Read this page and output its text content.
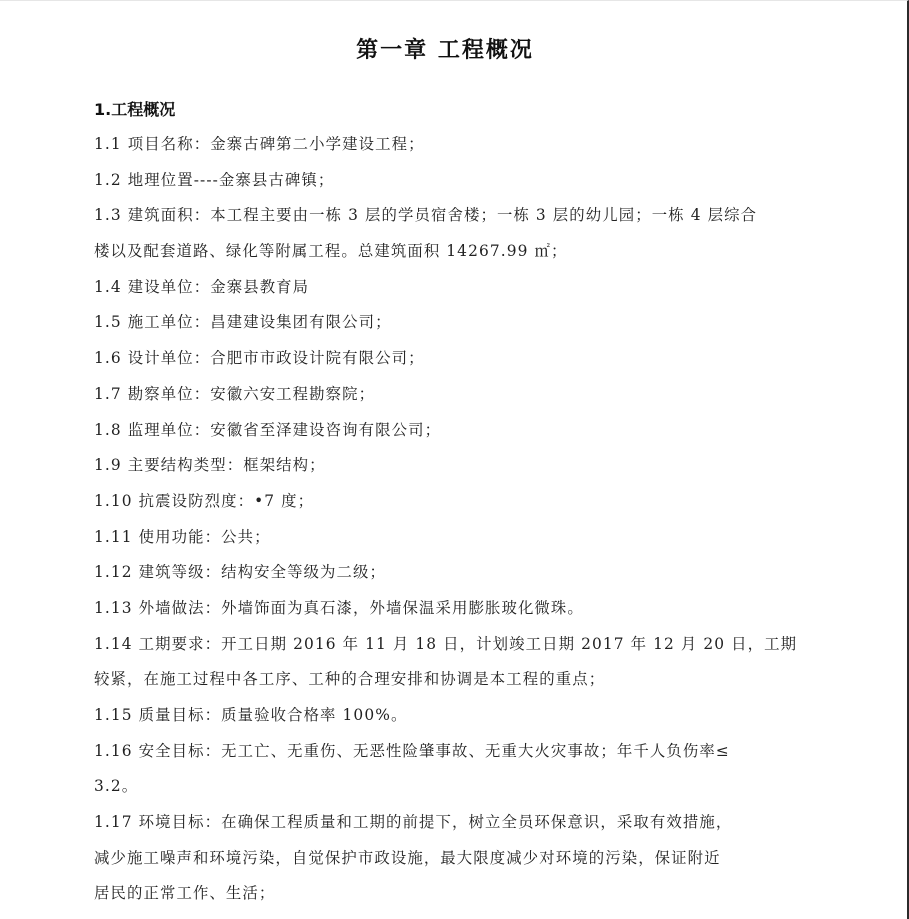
第一章 工程概况
1.工程概况
1.1 项目名称：金寨古碑第二小学建设工程；
1.2 地理位置----金寨县古碑镇；
1.3 建筑面积：本工程主要由一栋 3 层的学员宿舍楼；一栋 3 层的幼儿园；一栋 4 层综合
楼以及配套道路、绿化等附属工程。总建筑面积 14267.99 ㎡；
1.4 建设单位：金寨县教育局
1.5 施工单位：昌建建设集团有限公司；
1.6 设计单位：合肥市市政设计院有限公司；
1.7 勘察单位：安徽六安工程勘察院；
1.8 监理单位：安徽省至泽建设咨询有限公司；
1.9 主要结构类型：框架结构；
1.10 抗震设防烈度：•7 度；
1.11 使用功能：公共；
1.12 建筑等级：结构安全等级为二级；
1.13 外墙做法：外墙饰面为真石漆，外墙保温采用膨胀玻化微珠。
1.14 工期要求：开工日期 2016 年 11 月 18 日，计划竣工日期 2017 年 12 月 20 日，工期
较紧，在施工过程中各工序、工种的合理安排和协调是本工程的重点；
1.15 质量目标：质量验收合格率 100%。
1.16 安全目标：无工亡、无重伤、无恶性险肇事故、无重大火灾事故；年千人负伤率≤
3.2。
1.17 环境目标：在确保工程质量和工期的前提下，树立全员环保意识，采取有效措施，
减少施工噪声和环境污染，自觉保护市政设施，最大限度减少对环境的污染，保证附近
居民的正常工作、生活；
